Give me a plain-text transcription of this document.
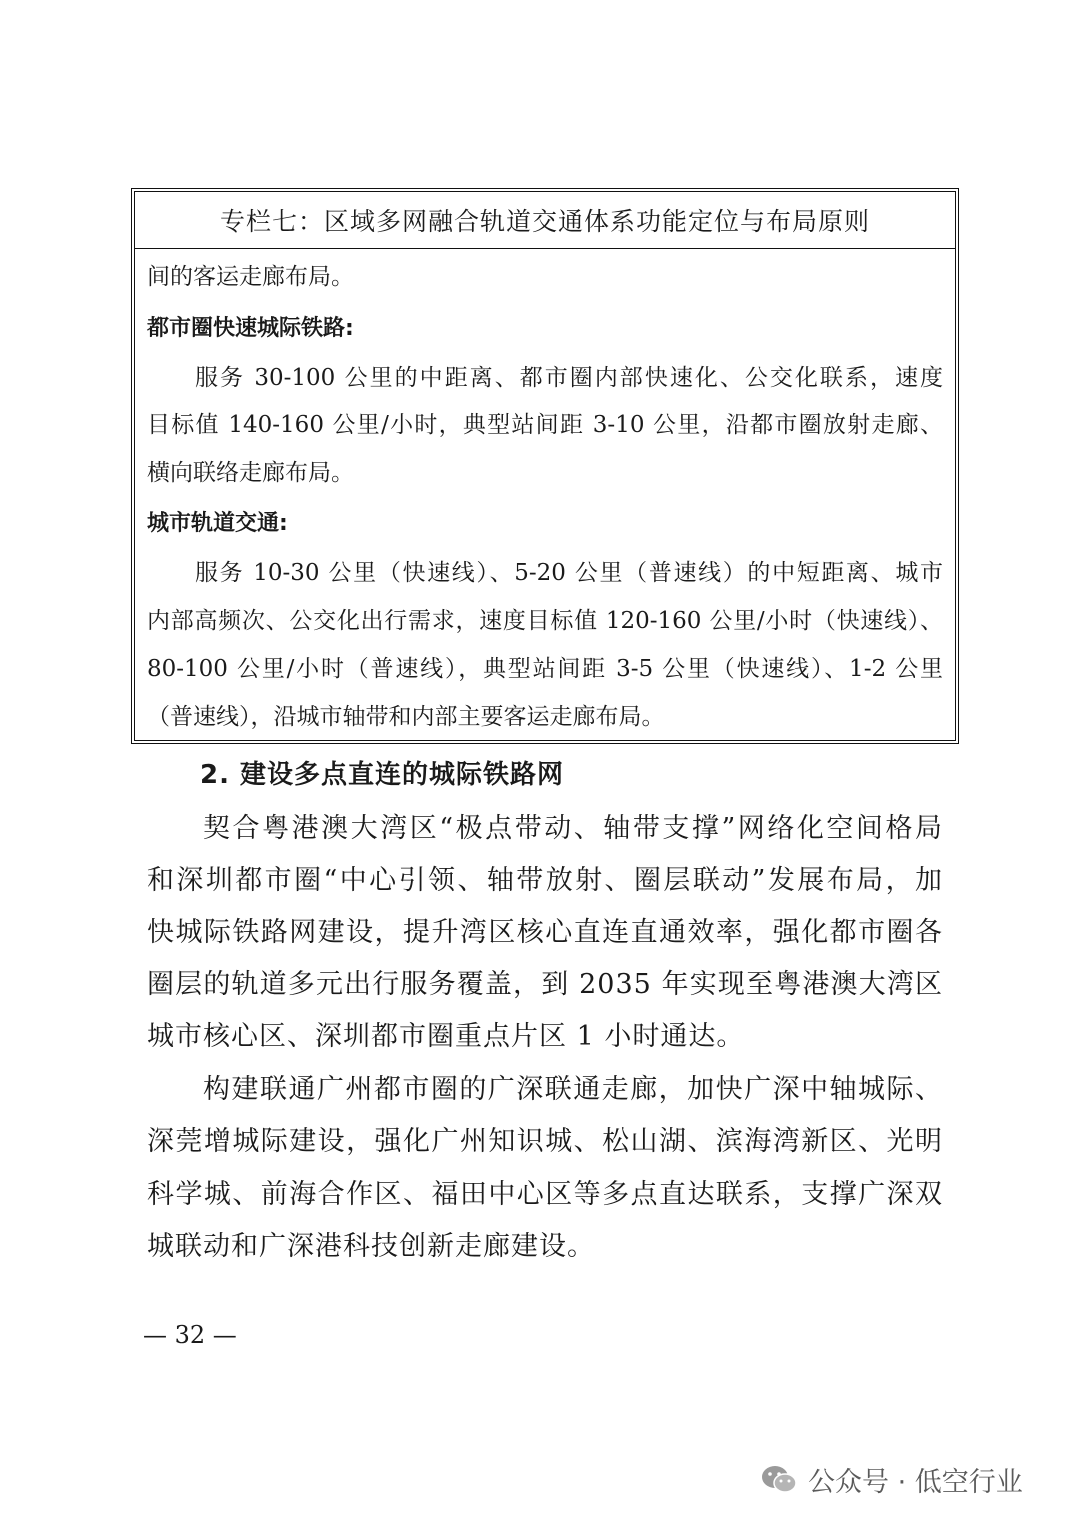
专栏七：区域多网融合轨道交通体系功能定位与布局原则
间的客运走廊布局。
都市圈快速城际铁路:
服务 30-100 公里的中距离、都市圈内部快速化、公交化联系，速度
目标值 140-160 公里/小时，典型站间距 3-10 公里，沿都市圈放射走廊、
横向联络走廊布局。
城市轨道交通:
服务 10-30 公里（快速线）、5-20 公里（普速线）的中短距离、城市
内部高频次、公交化出行需求，速度目标值 120-160 公里/小时（快速线）、
80-100 公里/小时（普速线），典型站间距 3-5 公里（快速线）、1-2 公里
（普速线），沿城市轴带和内部主要客运走廊布局。
2. 建设多点直连的城际铁路网
契合粤港澳大湾区“极点带动、轴带支撑”网络化空间格局
和深圳都市圈“中心引领、轴带放射、圈层联动”发展布局，加
快城际铁路网建设，提升湾区核心直连直通效率，强化都市圈各
圈层的轨道多元出行服务覆盖，到 2035 年实现至粤港澳大湾区
城市核心区、深圳都市圈重点片区 1 小时通达。
构建联通广州都市圈的广深联通走廊，加快广深中轴城际、
深莞增城际建设，强化广州知识城、松山湖、滨海湾新区、光明
科学城、前海合作区、福田中心区等多点直达联系，支撑广深双
城联动和广深港科技创新走廊建设。
— 32 —
公众号 · 低空行业
